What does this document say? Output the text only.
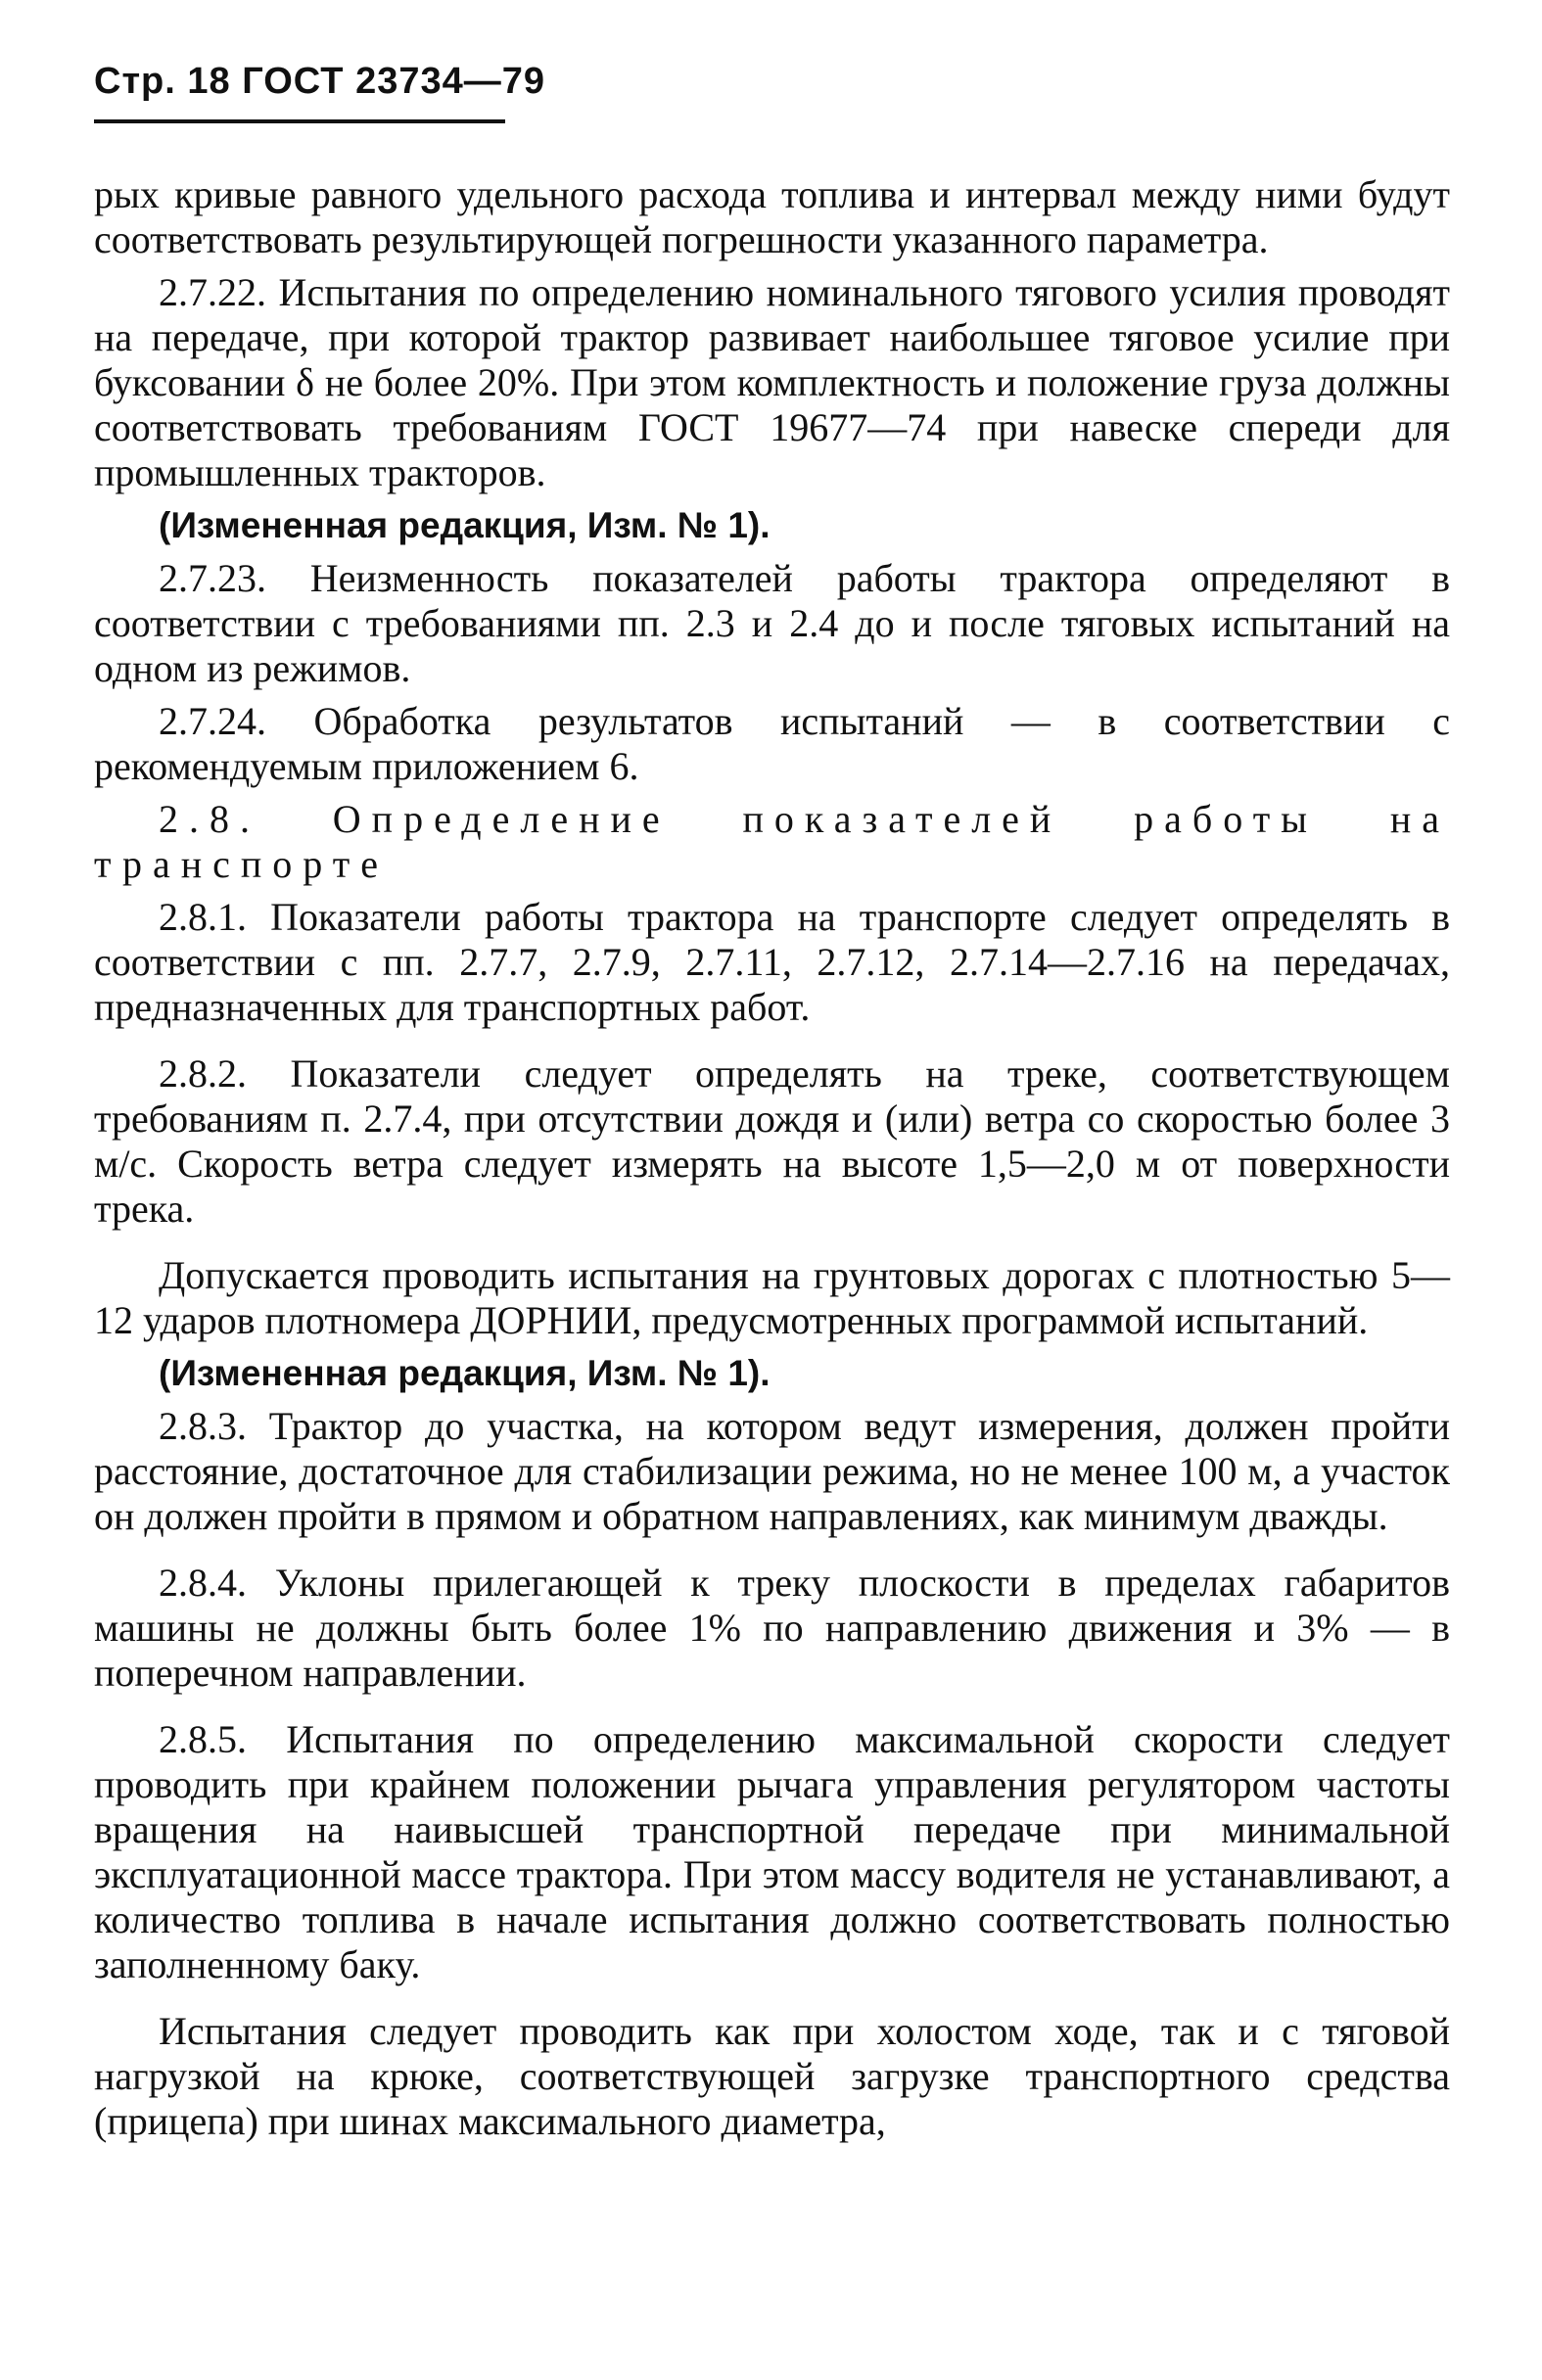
Стр. 18 ГОСТ 23734—79

рых кривые равного удельного расхода топлива и интервал между ними будут соответствовать результирующей погрешности указанного параметра.

2.7.22. Испытания по определению номинального тягового усилия проводят на передаче, при которой трактор развивает наибольшее тяговое усилие при буксовании δ не более 20%. При этом комплектность и положение груза должны соответствовать требованиям ГОСТ 19677—74 при навеске спереди для промышленных тракторов.

(Измененная редакция, Изм. № 1).

2.7.23. Неизменность показателей работы трактора определяют в соответствии с требованиями пп. 2.3 и 2.4 до и после тяговых испытаний на одном из режимов.

2.7.24. Обработка результатов испытаний — в соответствии с рекомендуемым приложением 6.

2.8. Определение показателей работы на транспорте

2.8.1. Показатели работы трактора на транспорте следует определять в соответствии с пп. 2.7.7, 2.7.9, 2.7.11, 2.7.12, 2.7.14—2.7.16 на передачах, предназначенных для транспортных работ.

2.8.2. Показатели следует определять на треке, соответствующем требованиям п. 2.7.4, при отсутствии дождя и (или) ветра со скоростью более 3 м/с. Скорость ветра следует измерять на высоте 1,5—2,0 м от поверхности трека.

Допускается проводить испытания на грунтовых дорогах с плотностью 5—12 ударов плотномера ДОРНИИ, предусмотренных программой испытаний.

(Измененная редакция, Изм. № 1).

2.8.3. Трактор до участка, на котором ведут измерения, должен пройти расстояние, достаточное для стабилизации режима, но не менее 100 м, а участок он должен пройти в прямом и обратном направлениях, как минимум дважды.

2.8.4. Уклоны прилегающей к треку плоскости в пределах габаритов машины не должны быть более 1% по направлению движения и 3% — в поперечном направлении.

2.8.5. Испытания по определению максимальной скорости следует проводить при крайнем положении рычага управления регулятором частоты вращения на наивысшей транспортной передаче при минимальной эксплуатационной массе трактора. При этом массу водителя не устанавливают, а количество топлива в начале испытания должно соответствовать полностью заполненному баку.

Испытания следует проводить как при холостом ходе, так и с тяговой нагрузкой на крюке, соответствующей загрузке транспортного средства (прицепа) при шинах максимального диаметра,
